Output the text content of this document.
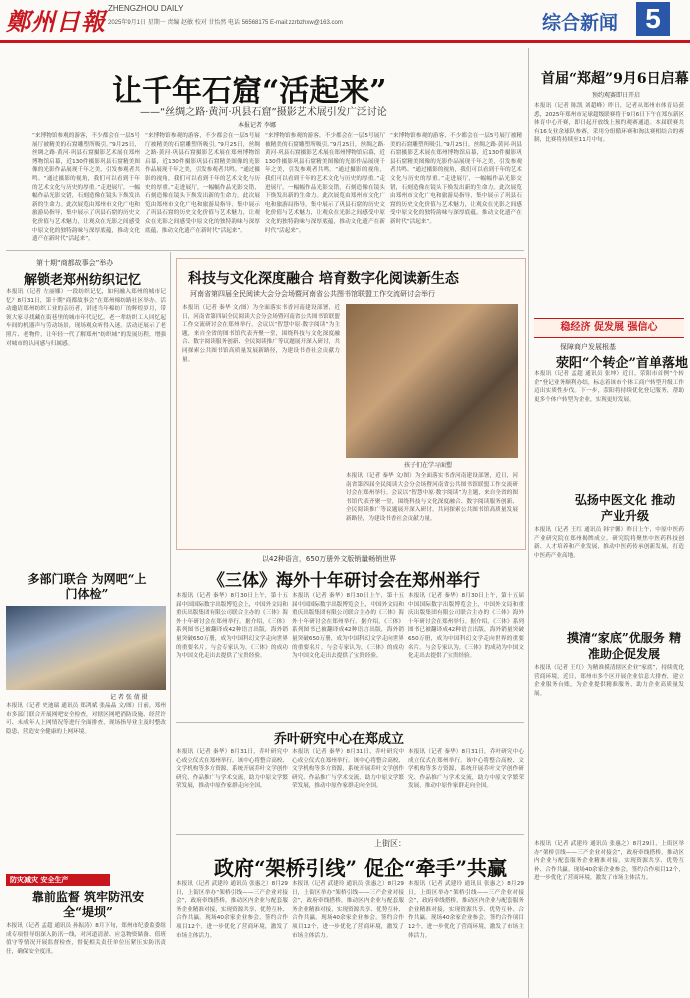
鄭州日報 ZHENGZHOU DAILY
2025年9月1日 星期一 责编 赵敏 校对 甘怡然 电话 56568175 E-mail:zzrbzhxw@163.com	综合新闻 5
让千年石窟“活起来”
——“丝绸之路·黄河·巩县石窟”摄影艺术展引发广泛讨论
本报记者 李娜
“来博物馆参观的游客，不少都会在一层5号展厅被精美的石窟雕塑所吸引。”9月25日，丝绸之路·黄河·巩县石窟摄影艺术展在郑州博物馆启幕，近130件摄影巩县石窟精美图像的光影作品展现千年之美，引发参观者共鸣。“通过摄影的视角，我们可以看到千年的艺术文化与历史的厚重。”走进展厅，一幅幅作品光影交错，石刻造像在镜头下焕发出新的生命力。此次展览由郑州市文化广电和旅游局指导，集中展示了巩县石窟的历史文化价值与艺术魅力，让观众在光影之间感受中原文化的独特韵味与深厚底蕴，推动文化遗产在新时代“活起来”。
“来博物馆参观的游客，不少都会在一层5号展厅被精美的石窟雕塑所吸引。”9月25日，丝绸之路·黄河·巩县石窟摄影艺术展在郑州博物馆启幕，近130件摄影巩县石窟精美图像的光影作品展现千年之美，引发参观者共鸣。“通过摄影的视角，我们可以看到千年的艺术文化与历史的厚重。”走进展厅，一幅幅作品光影交错，石刻造像在镜头下焕发出新的生命力。此次展览由郑州市文化广电和旅游局指导，集中展示了巩县石窟的历史文化价值与艺术魅力，让观众在光影之间感受中原文化的独特韵味与深厚底蕴，推动文化遗产在新时代“活起来”。
“来博物馆参观的游客，不少都会在一层5号展厅被精美的石窟雕塑所吸引。”9月25日，丝绸之路·黄河·巩县石窟摄影艺术展在郑州博物馆启幕，近130件摄影巩县石窟精美图像的光影作品展现千年之美，引发参观者共鸣。“通过摄影的视角，我们可以看到千年的艺术文化与历史的厚重。”走进展厅，一幅幅作品光影交错，石刻造像在镜头下焕发出新的生命力。此次展览由郑州市文化广电和旅游局指导，集中展示了巩县石窟的历史文化价值与艺术魅力，让观众在光影之间感受中原文化的独特韵味与深厚底蕴，推动文化遗产在新时代“活起来”。
“来博物馆参观的游客，不少都会在一层5号展厅被精美的石窟雕塑所吸引。”9月25日，丝绸之路·黄河·巩县石窟摄影艺术展在郑州博物馆启幕，近130件摄影巩县石窟精美图像的光影作品展现千年之美，引发参观者共鸣。“通过摄影的视角，我们可以看到千年的艺术文化与历史的厚重。”走进展厅，一幅幅作品光影交错，石刻造像在镜头下焕发出新的生命力。此次展览由郑州市文化广电和旅游局指导，集中展示了巩县石窟的历史文化价值与艺术魅力，让观众在光影之间感受中原文化的独特韵味与深厚底蕴，推动文化遗产在新时代“活起来”。
首届“郑超”9月6日启幕
预约观赛即日开启
本报讯（记者 陈凯 刘超峰）昨日，记者从郑州市体育局获悉，2025年郑州市足球超级联赛将于9月6日下午在郑东新区体育中心开赛，即日起开放线上预约观赛通道。本届联赛共有16支业余球队参赛，采用分组循环赛和淘汰赛相结合的赛制，比赛将持续至11月中旬。
稳经济 促发展 强信心
保障商户发展根基
荥阳“个转企”首单落地
本报讯（记者 孟超 通讯员 张坤）近日，荥阳市首例“个转企”登记业务顺利办结，标志着该市个体工商户转型升级工作迈出实质性步伐。下一步，荥阳将持续优化登记服务，帮助更多个体户转型为企业，实现更好发展。
弘扬中医文化 推动产业升级
本报讯（记者 王红 通讯员 韩宇馨）昨日上午，中原中医药产业研究院在郑州揭牌成立。研究院将聚焦中医药科技创新、人才培养和产业发展，推动中医药传承创新发展，打造中医药产业高地。
摸清“家底”优服务 精准助企促发展
本报讯（记者 王红）为精准摸清辖区企业“家底”，持续优化营商环境，近日，郑州市多个区开展企业信息大排查，建立企业服务台账，为企业提供精准服务，助力企业高质量发展。
第十期“商都故事会”举办
解锁老郑州纺织记忆
本报讯（记者 左丽娜）一段纺织记忆，如何融入郑州的城市记忆？8月31日，第十期“商都故事会”在郑州棉纺路社区举办。活动邀请郑州纺织工业的亲历者，讲述当年棉纺厂的辉煌岁月，带领大家寻找藏在街巷里的城市年代记忆。老一辈纺织工人回忆起车间的机器声与劳动场景，现场观众听得入迷。活动还展示了老照片、老物件，让年轻一代了解郑州“纺织城”的发展历程，增强对城市的认同感与归属感。
多部门联合 为网吧“上门体检”
记 者 张 倩 摄
本报讯（记者 史迪瑞 通讯员 郑鸿斌 张晶晶 文/图）日前，郑州市多部门联合开展网吧安全检查，对辖区网吧消防设施、经营许可、未成年人上网情况等进行全面排查，现场指导业主及时整改隐患，营造安全健康的上网环境。
防灾减灾 安全生产
靠前监督 筑牢防汛安全“堤坝”
本报讯（记者 孟超 通讯员 孙振涛）8月下旬，郑州市纪委监委组成专项督导组深入防汛一线，对河道清淤、应急物资储备、值班值守等情况开展监督检查，督促相关责任单位压紧压实防汛责任，确保安全度汛。
科技与文化深度融合 培育数字化阅读新生态
河南省第四届全民阅读大会分会场暨河南省公共图书馆联盟工作交流研讨会举行
本报讯（记者 秦华 文/图）为全面落实书香河南建设部署，近日，河南省第四届全民阅读大会分会场暨河南省公共图书馆联盟工作交流研讨会在郑州举行。会议以“智慧中原·数字阅读”为主题，来自全省的图书馆代表齐聚一堂，围绕科技与文化深度融合、数字阅读服务创新、全民阅读推广等议题展开深入研讨，共同探索公共图书馆高质量发展新路径，为建设书香社会贡献力量。
孩子们在学习面塑
本报讯（记者 秦华 文/图）为全面落实书香河南建设部署，近日，河南省第四届全民阅读大会分会场暨河南省公共图书馆联盟工作交流研讨会在郑州举行。会议以“智慧中原·数字阅读”为主题，来自全省的图书馆代表齐聚一堂，围绕科技与文化深度融合、数字阅读服务创新、全民阅读推广等议题展开深入研讨，共同探索公共图书馆高质量发展新路径，为建设书香社会贡献力量。
以42种语言，650万册外文版销量畅销世界
《三体》海外十年研讨会在郑州举行
本报讯（记者 秦华）8月30日上午，第十五届中国国际数字出版博览会上，中国外文局和重庆出版集团有限公司联合主办的《三体》海外十年研讨会在郑州举行。据介绍，《三体》系列图书已被翻译成42种语言出版，海外销量突破650万册，成为中国科幻文学走向世界的重要名片。与会专家认为，《三体》的成功为中国文化走出去提供了宝贵经验。
本报讯（记者 秦华）8月30日上午，第十五届中国国际数字出版博览会上，中国外文局和重庆出版集团有限公司联合主办的《三体》海外十年研讨会在郑州举行。据介绍，《三体》系列图书已被翻译成42种语言出版，海外销量突破650万册，成为中国科幻文学走向世界的重要名片。与会专家认为，《三体》的成功为中国文化走出去提供了宝贵经验。
本报讯（记者 秦华）8月30日上午，第十五届中国国际数字出版博览会上，中国外文局和重庆出版集团有限公司联合主办的《三体》海外十年研讨会在郑州举行。据介绍，《三体》系列图书已被翻译成42种语言出版，海外销量突破650万册，成为中国科幻文学走向世界的重要名片。与会专家认为，《三体》的成功为中国文化走出去提供了宝贵经验。
乔叶研究中心在郑成立
本报讯（记者 秦华）8月31日，乔叶研究中心成立仪式在郑州举行。该中心将整合高校、文学机构等多方资源，系统开展乔叶文学创作研究、作品推广与学术交流，助力中原文学繁荣发展，推动中原作家群走向全国。
本报讯（记者 秦华）8月31日，乔叶研究中心成立仪式在郑州举行。该中心将整合高校、文学机构等多方资源，系统开展乔叶文学创作研究、作品推广与学术交流，助力中原文学繁荣发展，推动中原作家群走向全国。
本报讯（记者 秦华）8月31日，乔叶研究中心成立仪式在郑州举行。该中心将整合高校、文学机构等多方资源，系统开展乔叶文学创作研究、作品推广与学术交流，助力中原文学繁荣发展，推动中原作家群走向全国。
上街区：
政府“架桥引线” 促企“牵手”共赢
本报讯（记者 武建玲 通讯员 张惠之）8月29日，上街区举办“架桥引线——三产企业对接会”，政府牵线搭桥，推动区内企业与配套服务企业精准对接，实现资源共享、优势互补、合作共赢。现场40余家企业参会，签约合作项目12个，进一步优化了营商环境，激发了市场主体活力。
本报讯（记者 武建玲 通讯员 张惠之）8月29日，上街区举办“架桥引线——三产企业对接会”，政府牵线搭桥，推动区内企业与配套服务企业精准对接，实现资源共享、优势互补、合作共赢。现场40余家企业参会，签约合作项目12个，进一步优化了营商环境，激发了市场主体活力。
本报讯（记者 武建玲 通讯员 张惠之）8月29日，上街区举办“架桥引线——三产企业对接会”，政府牵线搭桥，推动区内企业与配套服务企业精准对接，实现资源共享、优势互补、合作共赢。现场40余家企业参会，签约合作项目12个，进一步优化了营商环境，激发了市场主体活力。
本报讯（记者 武建玲 通讯员 张惠之）8月29日，上街区举办“架桥引线——三产企业对接会”，政府牵线搭桥，推动区内企业与配套服务企业精准对接，实现资源共享、优势互补、合作共赢。现场40余家企业参会，签约合作项目12个，进一步优化了营商环境，激发了市场主体活力。
